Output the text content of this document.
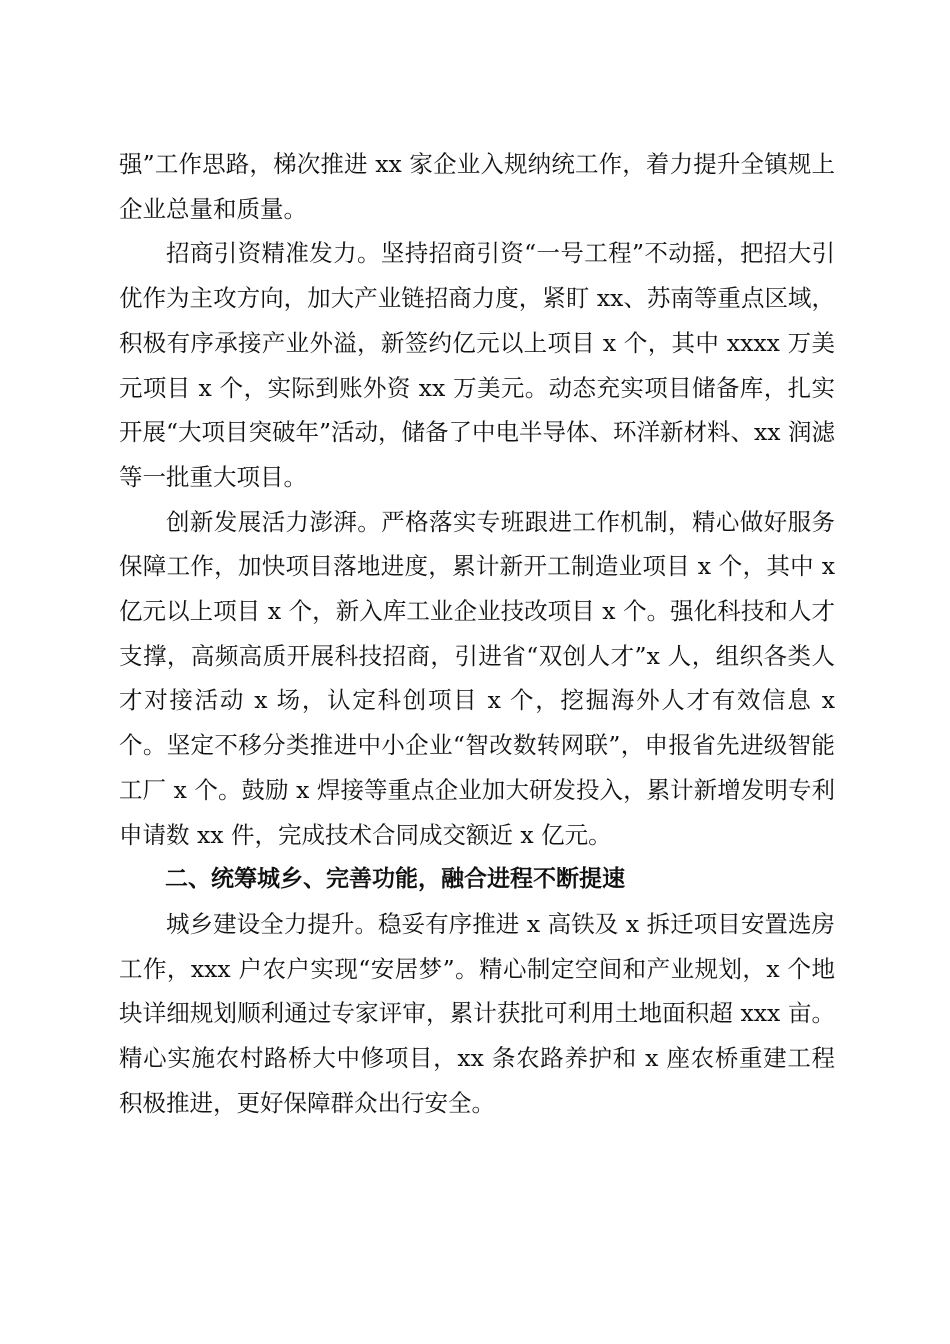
强”工作思路，梯次推进 xx 家企业入规纳统工作，着力提升全镇规上企业总量和质量。

招商引资精准发力。坚持招商引资“一号工程”不动摇，把招大引优作为主攻方向，加大产业链招商力度，紧盯 xx、苏南等重点区域，积极有序承接产业外溢，新签约亿元以上项目 x 个，其中 xxxx 万美元项目 x 个，实际到账外资 xx 万美元。动态充实项目储备库，扎实开展“大项目突破年”活动，储备了中电半导体、环洋新材料、xx 润滤等一批重大项目。

创新发展活力澎湃。严格落实专班跟进工作机制，精心做好服务保障工作，加快项目落地进度，累计新开工制造业项目 x 个，其中 x 亿元以上项目 x 个，新入库工业企业技改项目 x 个。强化科技和人才支撑，高频高质开展科技招商，引进省“双创人才”x 人，组织各类人才对接活动 x 场，认定科创项目 x 个，挖掘海外人才有效信息 x 个。坚定不移分类推进中小企业“智改数转网联”，申报省先进级智能工厂 x 个。鼓励 x 焊接等重点企业加大研发投入，累计新增发明专利申请数 xx 件，完成技术合同成交额近 x 亿元。

二、统筹城乡、完善功能，融合进程不断提速

城乡建设全力提升。稳妥有序推进 x 高铁及 x 拆迁项目安置选房工作，xxx 户农户实现“安居梦”。精心制定空间和产业规划，x 个地块详细规划顺利通过专家评审，累计获批可利用土地面积超 xxx 亩。精心实施农村路桥大中修项目，xx 条农路养护和 x 座农桥重建工程积极推进，更好保障群众出行安全。
